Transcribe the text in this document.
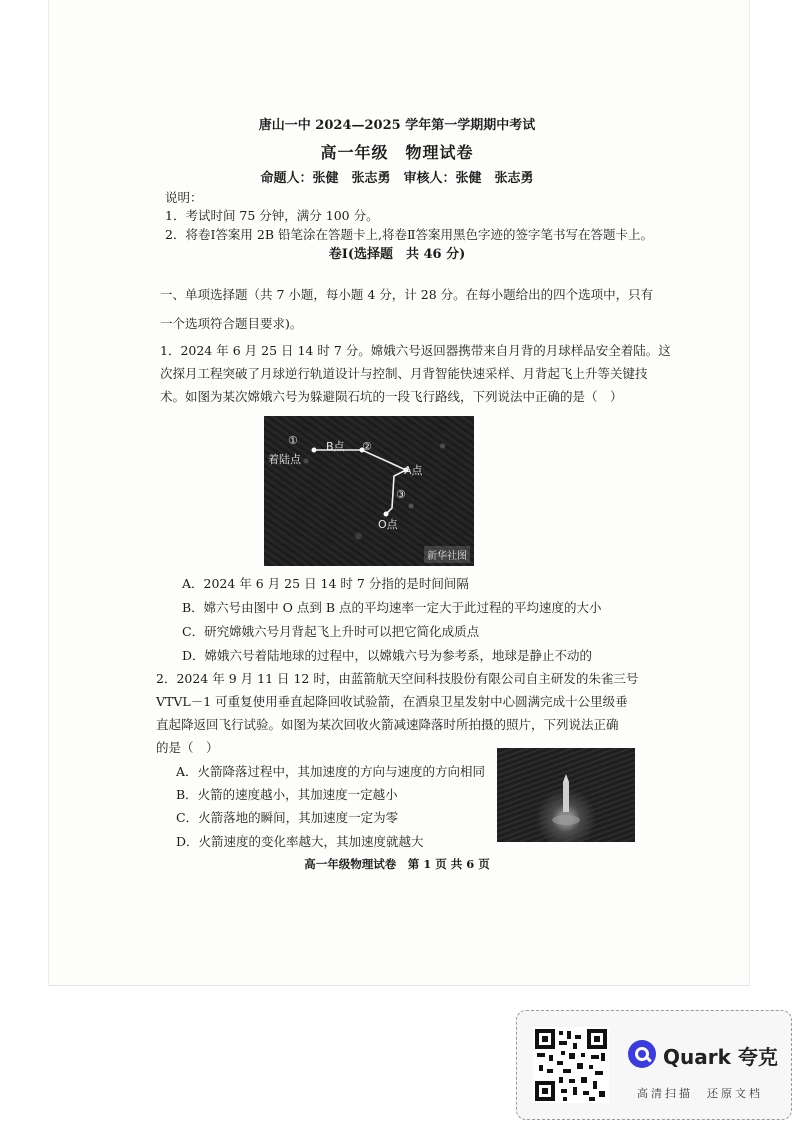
唐山一中 2024—2025 学年第一学期期中考试
高一年级　物理试卷
命题人：张健　张志勇　审核人：张健　张志勇
说明：
1．考试时间 75 分钟，满分 100 分。
2．将卷Ⅰ答案用 2B 铅笔涂在答题卡上,将卷Ⅱ答案用黑色字迹的签字笔书写在答题卡上。
卷Ⅰ(选择题　共 46 分)
一、单项选择题（共 7 小题，每小题 4 分，计 28 分。在每小题给出的四个选项中，只有
一个选项符合题目要求)。
1．2024 年 6 月 25 日 14 时 7 分。嫦娥六号返回器携带来自月背的月球样品安全着陆。这
次探月工程突破了月球逆行轨道设计与控制、月背智能快速采样、月背起飞上升等关键技
术。如图为某次嫦娥六号为躲避陨石坑的一段飞行路线，下列说法中正确的是（　）
着陆点
B点
A点
O点
①	②
③
新华社图
A．2024 年 6 月 25 日 14 时 7 分指的是时间间隔
B．嫦六号由图中 O 点到 B 点的平均速率一定大于此过程的平均速度的大小
C．研究嫦娥六号月背起飞上升时可以把它简化成质点
D．嫦娥六号着陆地球的过程中，以嫦娥六号为参考系，地球是静止不动的
2．2024 年 9 月 11 日 12 时，由蓝箭航天空间科技股份有限公司自主研发的朱雀三号
VTVL－1 可重复使用垂直起降回收试验箭，在酒泉卫星发射中心圆满完成十公里级垂
直起降返回飞行试验。如图为某次回收火箭减速降落时所拍摄的照片，下列说法正确
的是（　）
A．火箭降落过程中，其加速度的方向与速度的方向相同
B．火箭的速度越小，其加速度一定越小
C．火箭落地的瞬间，其加速度一定为零
D．火箭速度的变化率越大，其加速度就越大
高一年级物理试卷　第 1 页 共 6 页
Quark 夸克
高清扫描　还原文档
